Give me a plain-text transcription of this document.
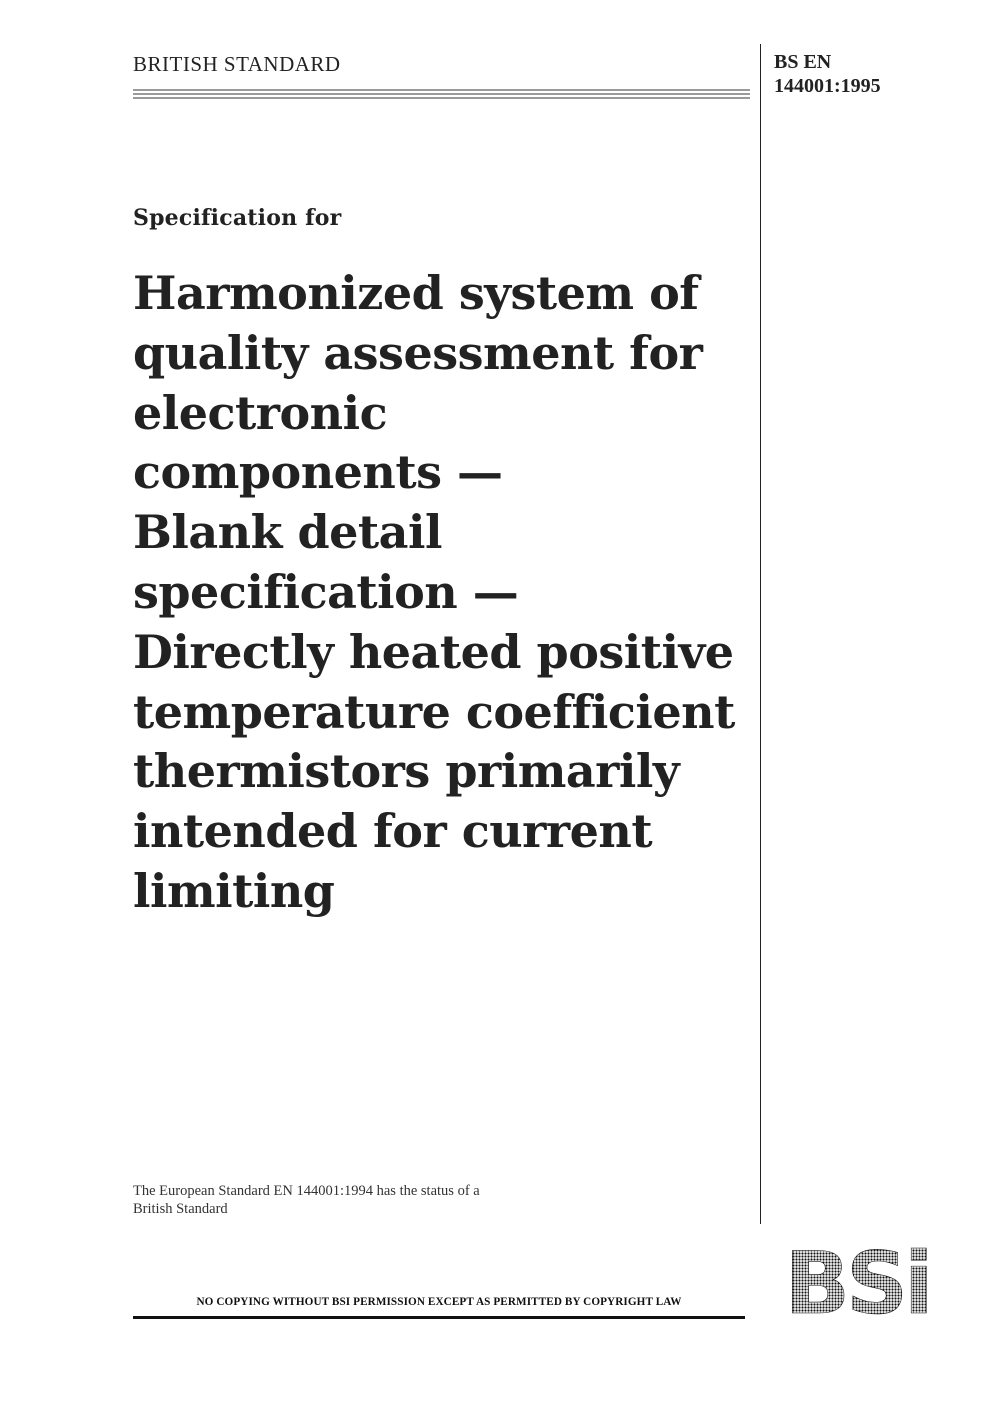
BRITISH STANDARD	BS EN
144001:1995
Specification for
Harmonized system of
quality assessment for
electronic
components —
Blank detail
specification —
Directly heated positive
temperature coefficient
thermistors primarily
intended for current
limiting
The European Standard EN 144001:1994 has the status of a
British Standard
NO COPYING WITHOUT BSI PERMISSION EXCEPT AS PERMITTED BY COPYRIGHT LAW	BSi
